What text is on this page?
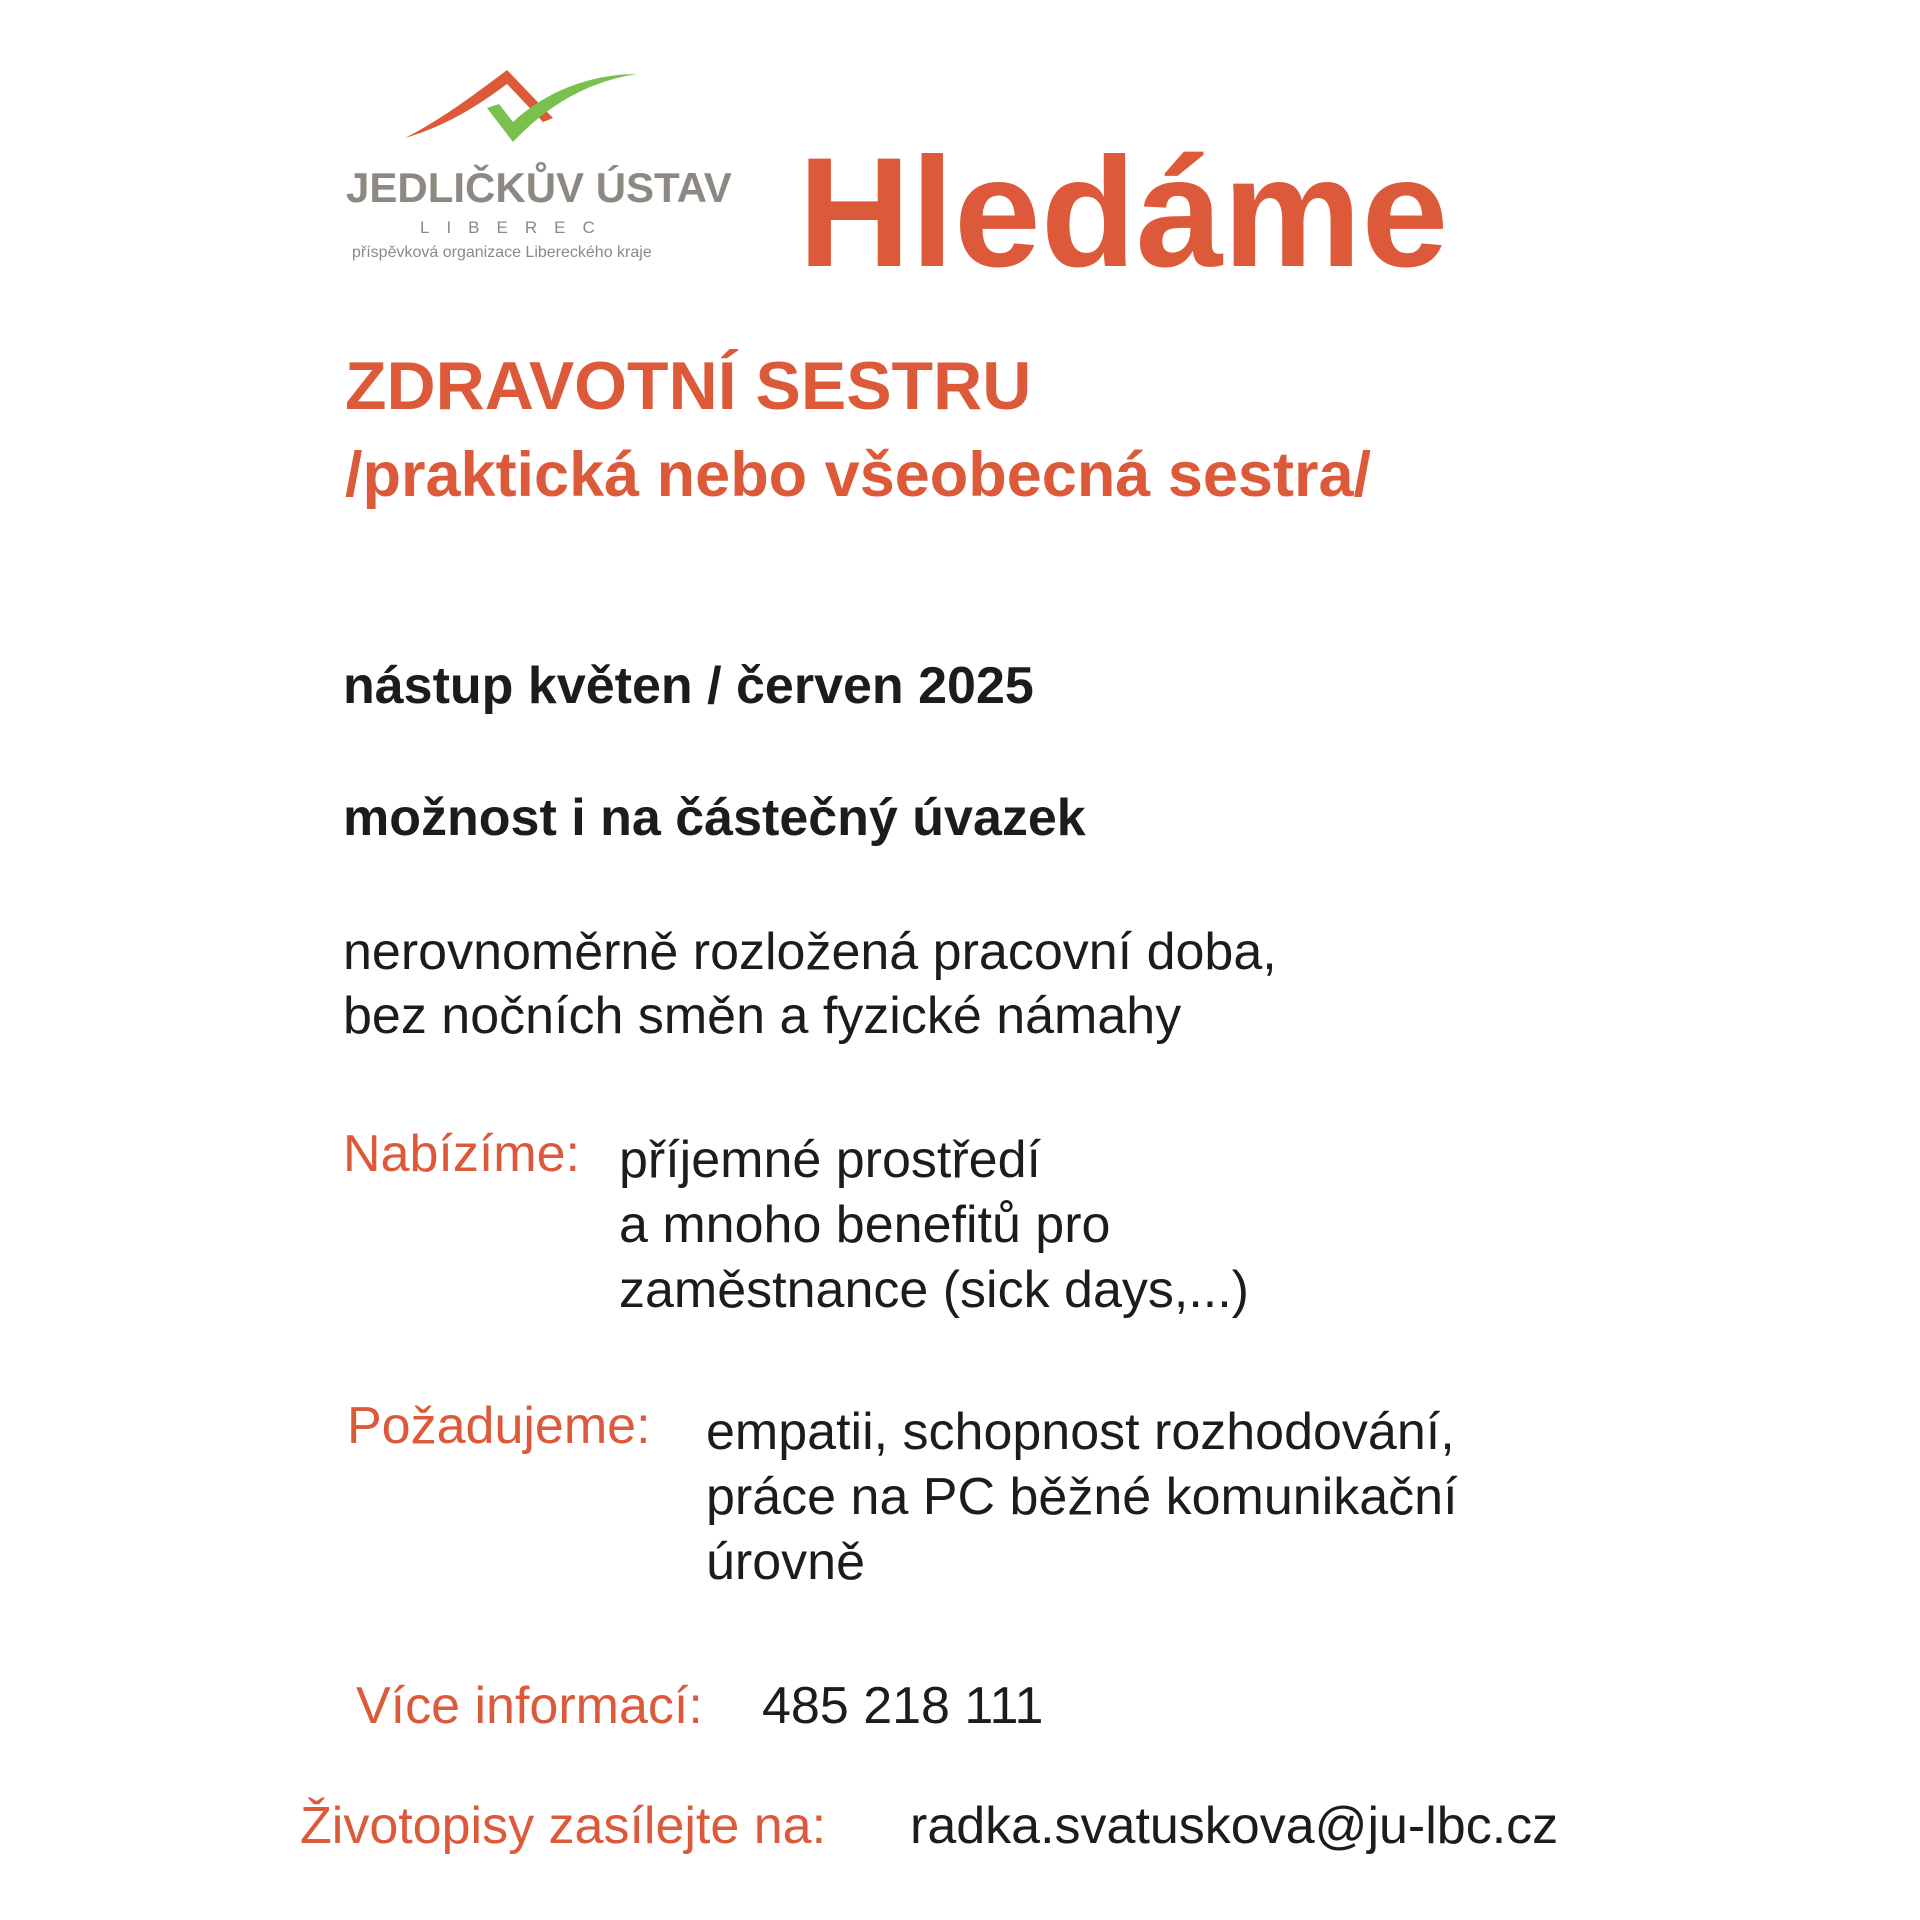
JEDLIČKŮV ÚSTAV
LIBEREC
příspěvková organizace Libereckého kraje Hledáme
ZDRAVOTNÍ SESTRU
/praktická nebo všeobecná sestra/
nástup květen / červen 2025
možnost i na částečný úvazek
nerovnoměrně rozložená pracovní doba,
bez nočních směn a fyzické námahy
Nabízíme: příjemné prostředí
a mnoho benefitů pro
zaměstnance (sick days,...)
Požadujeme: empatii, schopnost rozhodování,
práce na PC běžné komunikační
úrovně
Více informací: 485 218 111
Životopisy zasílejte na: radka.svatuskova@ju-lbc.cz
